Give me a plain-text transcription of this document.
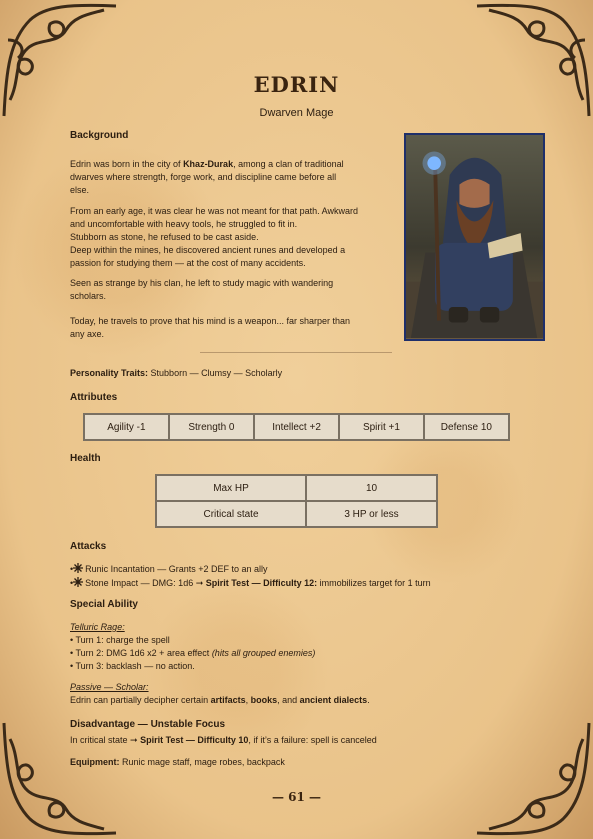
EDRIN
Dwarven Mage
Background
Edrin was born in the city of Khaz-Durak, among a clan of traditional
dwarves where strength, forge work, and discipline came before all
else.
From an early age, it was clear he was not meant for that path. Awkward
and uncomfortable with heavy tools, he struggled to fit in.
Stubborn as stone, he refused to be cast aside.
Deep within the mines, he discovered ancient runes and developed a
passion for studying them — at the cost of many accidents.
Seen as strange by his clan, he left to study magic with wandering
scholars.
Today, he travels to prove that his mind is a weapon... far sharper than
any axe.
Personality Traits: Stubborn — Clumsy — Scholarly
Attributes
Agility -1	Strength 0	Intellect +2	Spirit +1	Defense 10
Health
Max HP	10
Critical state	3 HP or less
Attacks
• Runic Incantation — Grants +2 DEF to an ally
• Stone Impact — DMG: 1d6 ➞ Spirit Test — Difficulty 12: immobilizes target for 1 turn
Special Ability
Telluric Rage:
• Turn 1: charge the spell
• Turn 2: DMG 1d6 x2 + area effect (hits all grouped enemies)
• Turn 3: backlash — no action.
Passive — Scholar:
Edrin can partially decipher certain artifacts, books, and ancient dialects.
Disadvantage — Unstable Focus
In critical state ➞ Spirit Test — Difficulty 10, if it’s a failure: spell is canceled
Equipment: Runic mage staff, mage robes, backpack
— 61 —
